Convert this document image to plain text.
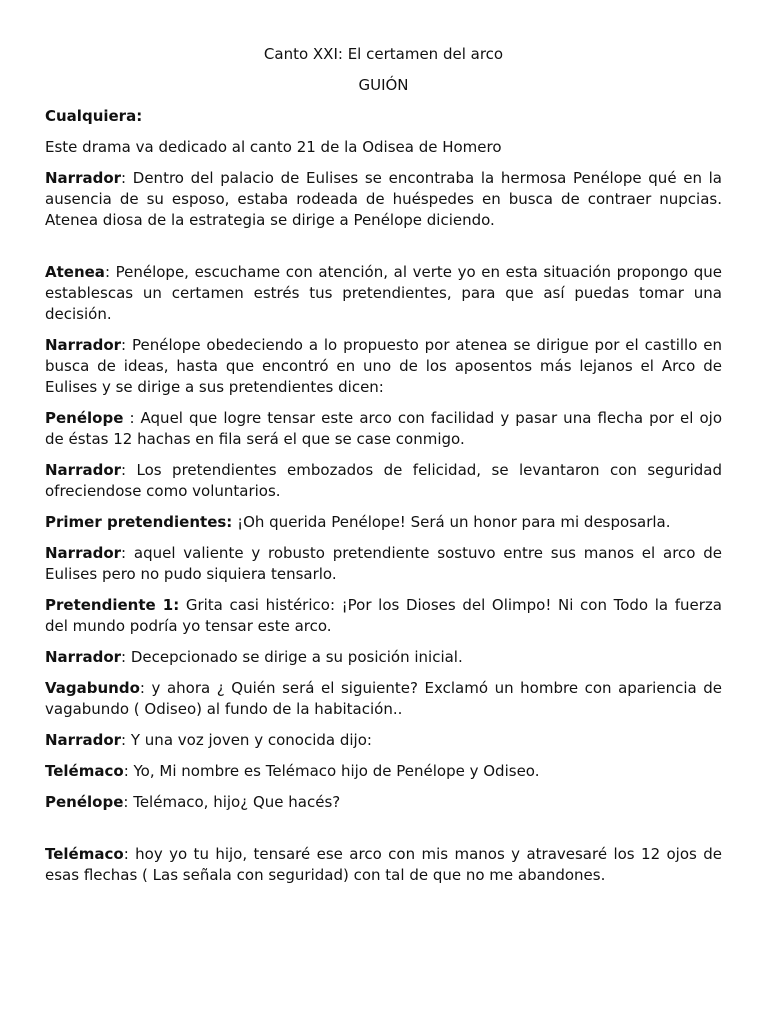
Canto XXI: El certamen del arco

GUIÓN

Cualquiera:

Este drama va dedicado al canto 21 de la Odisea de Homero

Narrador: Dentro del palacio de Eulises se encontraba la hermosa Penélope qué en la ausencia de su esposo, estaba rodeada de huéspedes en busca de contraer nupcias. Atenea diosa de la estrategia se dirige a Penélope diciendo.

Atenea: Penélope, escuchame con atención, al verte yo en esta situación propongo que establescas un certamen estrés tus pretendientes, para que así puedas tomar una decisión.

Narrador: Penélope obedeciendo a lo propuesto por atenea se dirigue por el castillo en busca de ideas, hasta que encontró en uno de los aposentos más lejanos el Arco de Eulises y se dirige a sus pretendientes dicen:

Penélope : Aquel que logre tensar este arco con facilidad y pasar una flecha por el ojo de éstas 12 hachas en fila será el que se case conmigo.

Narrador: Los pretendientes embozados de felicidad, se levantaron con seguridad ofreciendose como voluntarios.

Primer pretendientes: ¡Oh querida Penélope! Será un honor para mi desposarla.

Narrador: aquel valiente y robusto pretendiente sostuvo entre sus manos el arco de Eulises pero no pudo siquiera tensarlo.

Pretendiente 1: Grita casi histérico: ¡Por los Dioses del Olimpo! Ni con Todo la fuerza del mundo podría yo tensar este arco.

Narrador: Decepcionado se dirige a su posición inicial.

Vagabundo: y ahora ¿ Quién será el siguiente? Exclamó un hombre con apariencia de vagabundo ( Odiseo) al fundo de la habitación..

Narrador: Y una voz joven y conocida dijo:

Telémaco: Yo, Mi nombre es Telémaco hijo de Penélope y Odiseo.

Penélope: Telémaco, hijo¿ Que hacés?

Telémaco: hoy yo tu hijo, tensaré ese arco con mis manos y atravesaré los 12 ojos de esas flechas ( Las señala con seguridad) con tal de que no me abandones.
